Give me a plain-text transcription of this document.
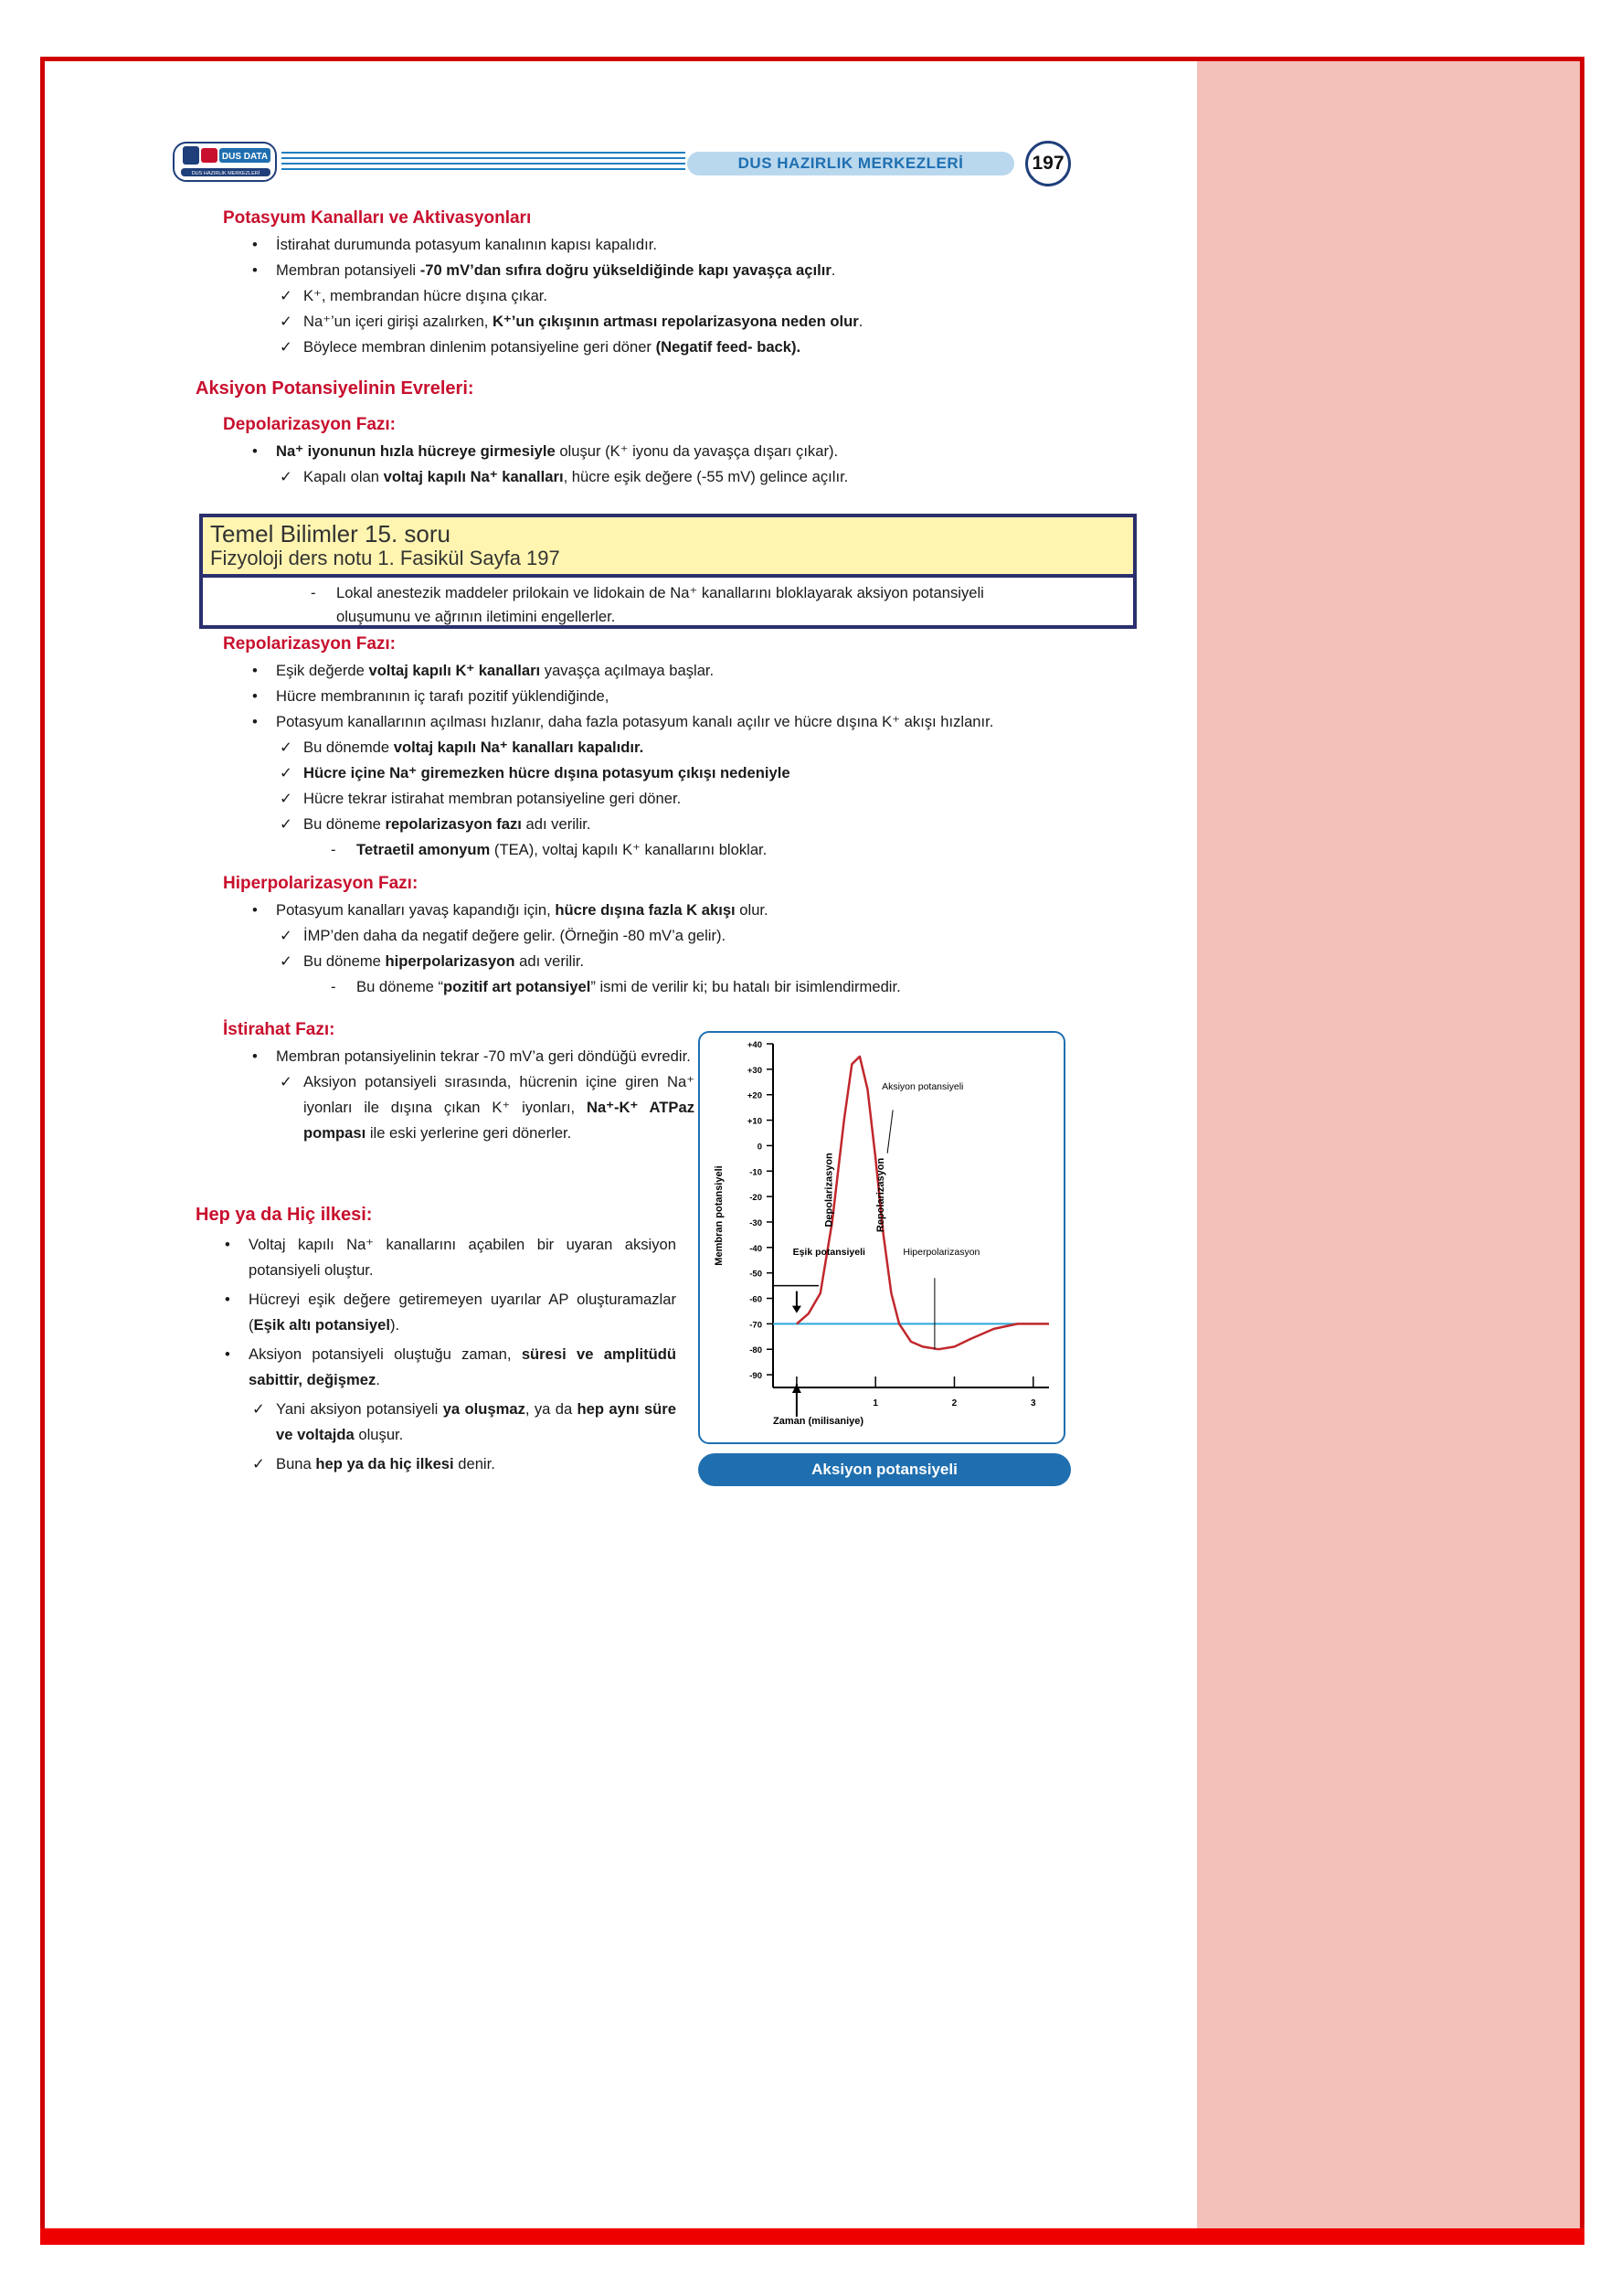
DUS DATA
DUS HAZIRLIK MERKEZLERİ
DUS HAZIRLIK MERKEZLERİ	197

Potasyum Kanalları ve Aktivasyonları

• İstirahat durumunda potasyum kanalının kapısı kapalıdır.

• Membran potansiyeli -70 mV’dan sıfıra doğru yükseldiğinde kapı yavaşça açılır.

✓ K⁺, membrandan hücre dışına çıkar.

✓ Na⁺’un içeri girişi azalırken, K⁺’un çıkışının artması repolarizasyona neden olur.

✓ Böylece membran dinlenim potansiyeline geri döner (Negatif feed- back).

Aksiyon Potansiyelinin Evreleri:

Depolarizasyon Fazı:

• Na⁺ iyonunun hızla hücreye girmesiyle oluşur (K⁺ iyonu da yavaşça dışarı çıkar).

✓ Kapalı olan voltaj kapılı Na⁺ kanalları, hücre eşik değere (-55 mV) gelince açılır.

Repolarizasyon Fazı:

• Eşik değerde voltaj kapılı K⁺ kanalları yavaşça açılmaya başlar.

• Hücre membranının iç tarafı pozitif yüklendiğinde,

• Potasyum kanallarının açılması hızlanır, daha fazla potasyum kanalı açılır ve hücre dışına K⁺ akışı hızlanır.

✓ Bu dönemde voltaj kapılı Na⁺ kanalları kapalıdır.

✓ Hücre içine Na⁺ giremezken hücre dışına potasyum çıkışı nedeniyle

✓ Hücre tekrar istirahat membran potansiyeline geri döner.

✓ Bu döneme repolarizasyon fazı adı verilir.

- Tetraetil amonyum (TEA), voltaj kapılı K⁺ kanallarını bloklar.

Hiperpolarizasyon Fazı:

• Potasyum kanalları yavaş kapandığı için, hücre dışına fazla K akışı olur.

✓ İMP’den daha da negatif değere gelir. (Örneğin -80 mV’a gelir).

✓ Bu döneme hiperpolarizasyon adı verilir.

- Bu döneme “pozitif art potansiyel” ismi de verilir ki; bu hatalı bir isimlendirmedir.

İstirahat Fazı:

• Membran potansiyelinin tekrar -70 mV’a geri döndüğü evredir.

✓ Aksiyon potansiyeli sırasında, hücrenin içine giren Na⁺ iyonları ile dışına çıkan K⁺ iyonları, Na⁺-K⁺ ATPaz pompası ile eski yerlerine geri dönerler.

Hep ya da Hiç ilkesi:

• Voltaj kapılı Na⁺ kanallarını açabilen bir uyaran aksiyon potansiyeli oluştur.

• Hücreyi eşik değere getiremeyen uyarılar AP oluşturamazlar (Eşik altı potansiyel).

• Aksiyon potansiyeli oluştuğu zaman, süresi ve amplitüdü sabittir, değişmez.

✓ Yani aksiyon potansiyeli ya oluşmaz, ya da hep aynı süre ve voltajda oluşur.

✓ Buna hep ya da hiç ilkesi denir.

Temel Bilimler 15. soru
Fizyoloji ders notu 1. Fasikül Sayfa 197

- Lokal anestezik maddeler prilokain ve lidokain de Na⁺ kanallarını bloklayarak aksiyon potansiyeli

oluşumunu ve ağrının iletimini engellerler.

+40
+30
+20
+10
0
-10
-20
-30
-40
-50
-60
-70
-80
-90
1	2	3
Membran potansiyeli
Zaman (milisaniye)
Aksiyon potansiyeli
Depolarizasyon	Repolarizasyon
Eşik potansiyeli	Hiperpolarizasyon
Aksiyon potansiyeli
